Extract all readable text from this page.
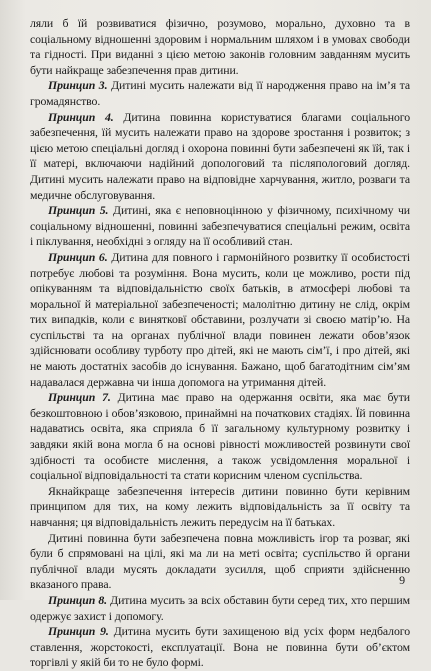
ляли б їй розвиватися фізично, розумово, морально, духовно та в соціальному відношенні здоровим і нормальним шляхом і в умовах свободи та гідності. При виданні з цією метою законів головним завданням мусить бути найкраще забезпечення прав дитини.

Принцип 3. Дитині мусить належати від її народження право на ім’я та громадянство.

Принцип 4. Дитина повинна користуватися благами соціального забезпечення, їй мусить належати право на здорове зростання і розвиток; з цією метою спеціальні догляд і охорона повинні бути забезпечені як їй, так і її матері, включаючи надійний допологовий та післяпологовий догляд. Дитині мусить належати право на відповідне харчування, житло, розваги та медичне обслуговування.

Принцип 5. Дитині, яка є неповноцінною у фізичному, психічному чи соціальному відношенні, повинні забезпечуватися спеціальні режим, освіта і піклування, необхідні з огляду на її особливий стан.

Принцип 6. Дитина для повного і гармонійного розвитку її особистості потребує любові та розуміння. Вона мусить, коли це можливо, рости під опікуванням та відповідальністю своїх батьків, в атмосфері любові та моральної й матеріальної забезпеченості; малолітню дитину не слід, окрім тих випадків, коли є винятковї обставини, розлучати зі своєю матір’ю. На суспільстві та на органах публічної влади повинен лежати обов’язок здійснювати особливу турботу про дітей, які не мають сім’ї, і про дітей, які не мають достатніх засобів до існування. Бажано, щоб багатодітним сім’ям надавалася державна чи інша допомога на утримання дітей.

Принцип 7. Дитина має право на одержання освіти, яка має бути безкоштовною і обов’язковою, принаймні на початкових стадіях. Їй повинна надаватись освіта, яка сприяла б її загальному культурному розвитку і завдяки якій вона могла б на основі рівності можливостей розвинути свої здібності та особисте мислення, а також усвідомлення моральної і соціальної відповідальності та стати корисним членом суспільства.

Якнайкраще забезпечення інтересів дитини повинно бути керівним принципом для тих, на кому лежить відповідальність за її освіту та навчання; ця відповідальність лежить передусім на її батьках.

Дитині повинна бути забезпечена повна можливість ігор та розваг, які були б спрямовані на цілі, які ма ли на меті освіта; суспільство й органи публічної влади мусять докладати зусилля, щоб сприяти здійсненню вказаного права.

Принцип 8. Дитина мусить за всіх обставин бути серед тих, хто першим одержує захист і допомогу.

Принцип 9. Дитина мусить бути захищеною від усіх форм недбалого ставлення, жорстокості, експлуатації. Вона не повинна бути об’єктом торгівлі у якій би то не було формі.

9
